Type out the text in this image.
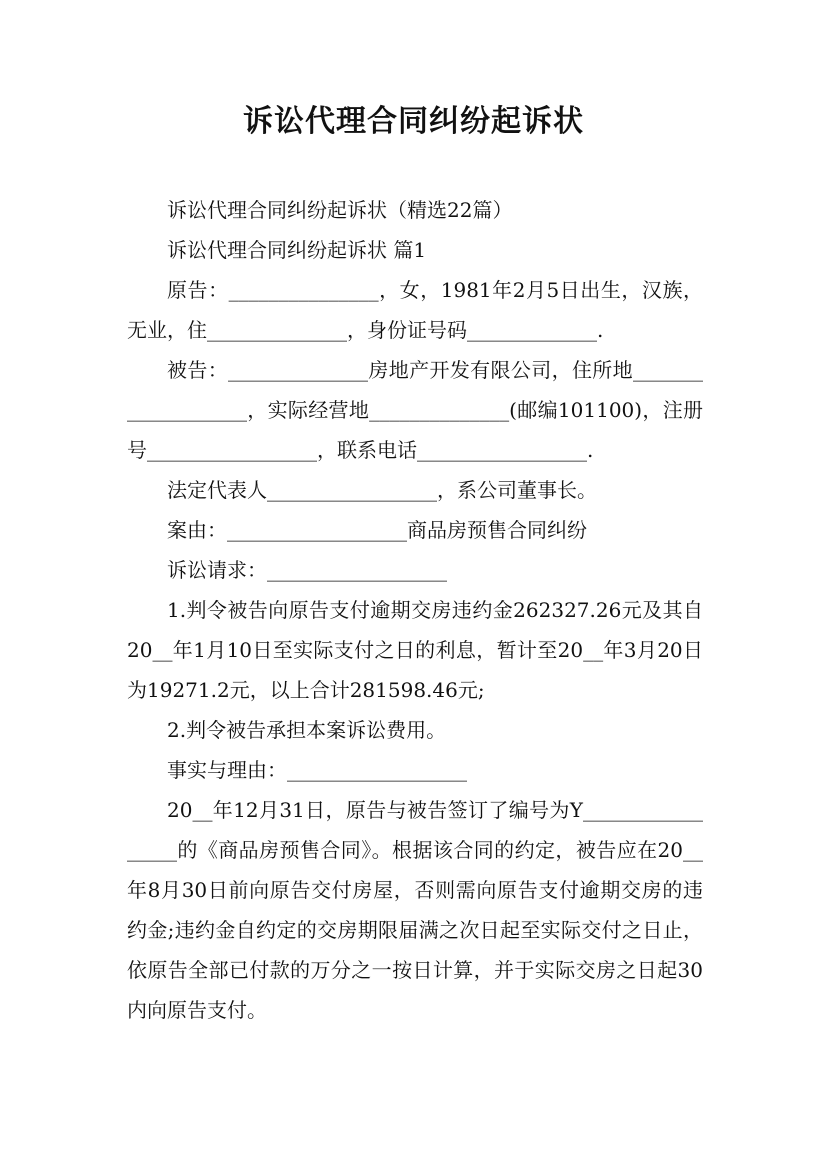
诉讼代理合同纠纷起诉状

诉讼代理合同纠纷起诉状（精选22篇）

诉讼代理合同纠纷起诉状 篇1

原告：_______________，女，1981年2月5日出生，汉族，无业，住______________，身份证号码_____________.

被告：______________房地产开发有限公司，住所地___________________，实际经营地______________(邮编101100)，注册号_________________，联系电话_________________.

法定代表人_________________，系公司董事长。

案由：__________________商品房预售合同纠纷

诉讼请求：__________________

1.判令被告向原告支付逾期交房违约金262327.26元及其自20__年1月10日至实际支付之日的利息，暂计至20__年3月20日为19271.2元，以上合计281598.46元;

2.判令被告承担本案诉讼费用。

事实与理由：__________________

20__年12月31日，原告与被告签订了编号为Y_________________的《商品房预售合同》。根据该合同的约定，被告应在20__年8月30日前向原告交付房屋，否则需向原告支付逾期交房的违约金;违约金自约定的交房期限届满之次日起至实际交付之日止，依原告全部已付款的万分之一按日计算，并于实际交房之日起30内向原告支付。
